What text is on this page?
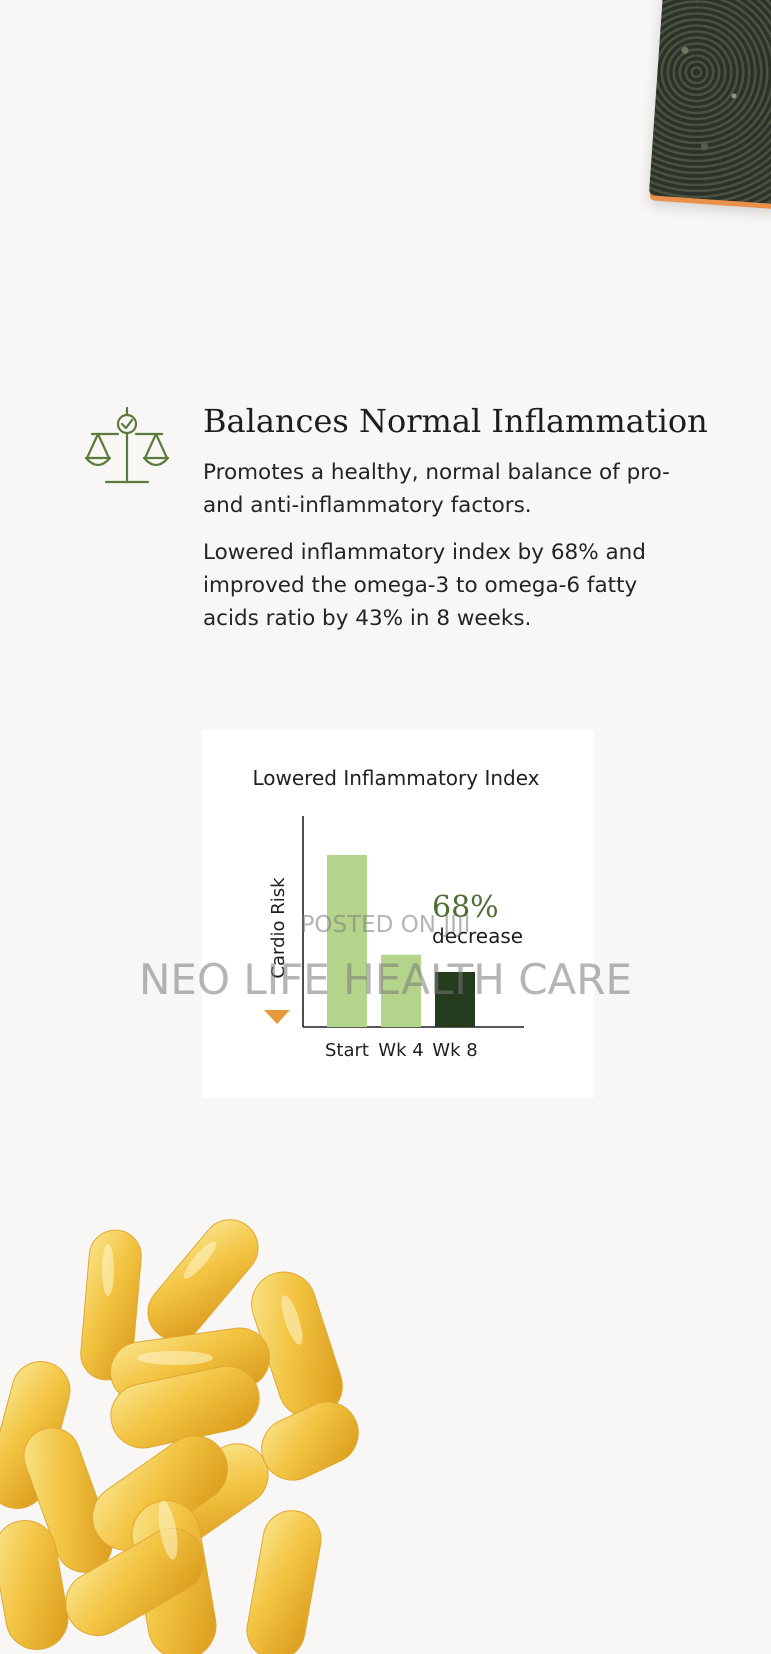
Balances Normal Inflammation

Promotes a healthy, normal balance of pro- and anti-inflammatory factors.

Lowered inflammatory index by 68% and improved the omega-3 to omega-6 fatty acids ratio by 43% in 8 weeks.

Lowered Inflammatory Index
Start Wk 4 Wk 8
Cardio Risk	68%
decrease
POSTED ON JIJI
NEO LIFE HEALTH CARE
